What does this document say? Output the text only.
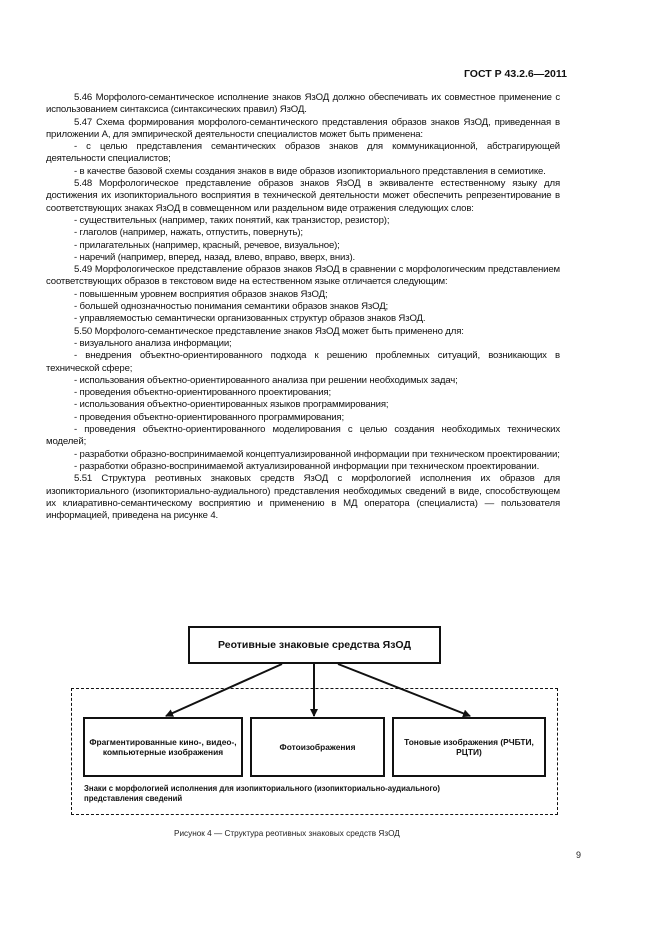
ГОСТ Р 43.2.6—2011

5.46 Морфолого-семантическое исполнение знаков ЯзОД должно обеспечивать их совместное применение с использованием синтаксиса (синтаксических правил) ЯзОД.

5.47 Схема формирования морфолого-семантического представления образов знаков ЯзОД, приведенная в приложении А, для эмпирической деятельности специалистов может быть применена:

- с целью представления семантических образов знаков для коммуникационной, абстрагирующей деятельности специалистов;

- в качестве базовой схемы создания знаков в виде образов изопикториального представления в семиотике.

5.48 Морфологическое представление образов знаков ЯзОД в эквиваленте естественному языку для достижения их изопикториального восприятия в технической деятельности может обеспечить репрезентирование в соответствующих знаках ЯзОД в совмещенном или раздельном виде отражения следующих слов:

- существительных (например, таких понятий, как транзистор, резистор);

- глаголов (например, нажать, отпустить, повернуть);

- прилагательных (например, красный, речевое, визуальное);

- наречий (например, вперед, назад, влево, вправо, вверх, вниз).

5.49 Морфологическое представление образов знаков ЯзОД в сравнении с морфологическим представлением соответствующих образов в текстовом виде на естественном языке отличается следующим:

- повышенным уровнем восприятия образов знаков ЯзОД;

- большей однозначностью понимания семантики образов знаков ЯзОД;

- управляемостью семантически организованных структур образов знаков ЯзОД.

5.50 Морфолого-семантическое представление знаков ЯзОД может быть применено для:

- визуального анализа информации;

- внедрения объектно-ориентированного подхода к решению проблемных ситуаций, возникающих в технической сфере;

- использования объектно-ориентированного анализа при решении необходимых задач;

- проведения объектно-ориентированного проектирования;

- использования объектно-ориентированных языков программирования;

- проведения объектно-ориентированного программирования;

- проведения объектно-ориентированного моделирования с целью создания необходимых технических моделей;

- разработки образно-воспринимаемой концептуализированной информации при техническом проектировании;

- разработки образно-воспринимаемой актуализированной информации при техническом проектировании.

5.51 Структура реотивных знаковых средств ЯзОД с морфологией исполнения их образов для изопикториального (изопикториально-аудиального) представления необходимых сведений в виде, способствующем их клиаративно-семантическому восприятию и применению в МД оператора (специалиста) — пользователя информацией, приведена на рисунке 4.

Реотивные знаковые средства ЯзОД
Фрагментированные кино-, видео-, компьютерные изображения	Фотоизображения	Тоновые изображения (РЧБТИ, РЦТИ)
Знаки с морфологией исполнения для изопикториального (изопикториально-аудиального) представления сведений
Рисунок 4 — Структура реотивных знаковых средств ЯзОД
9
